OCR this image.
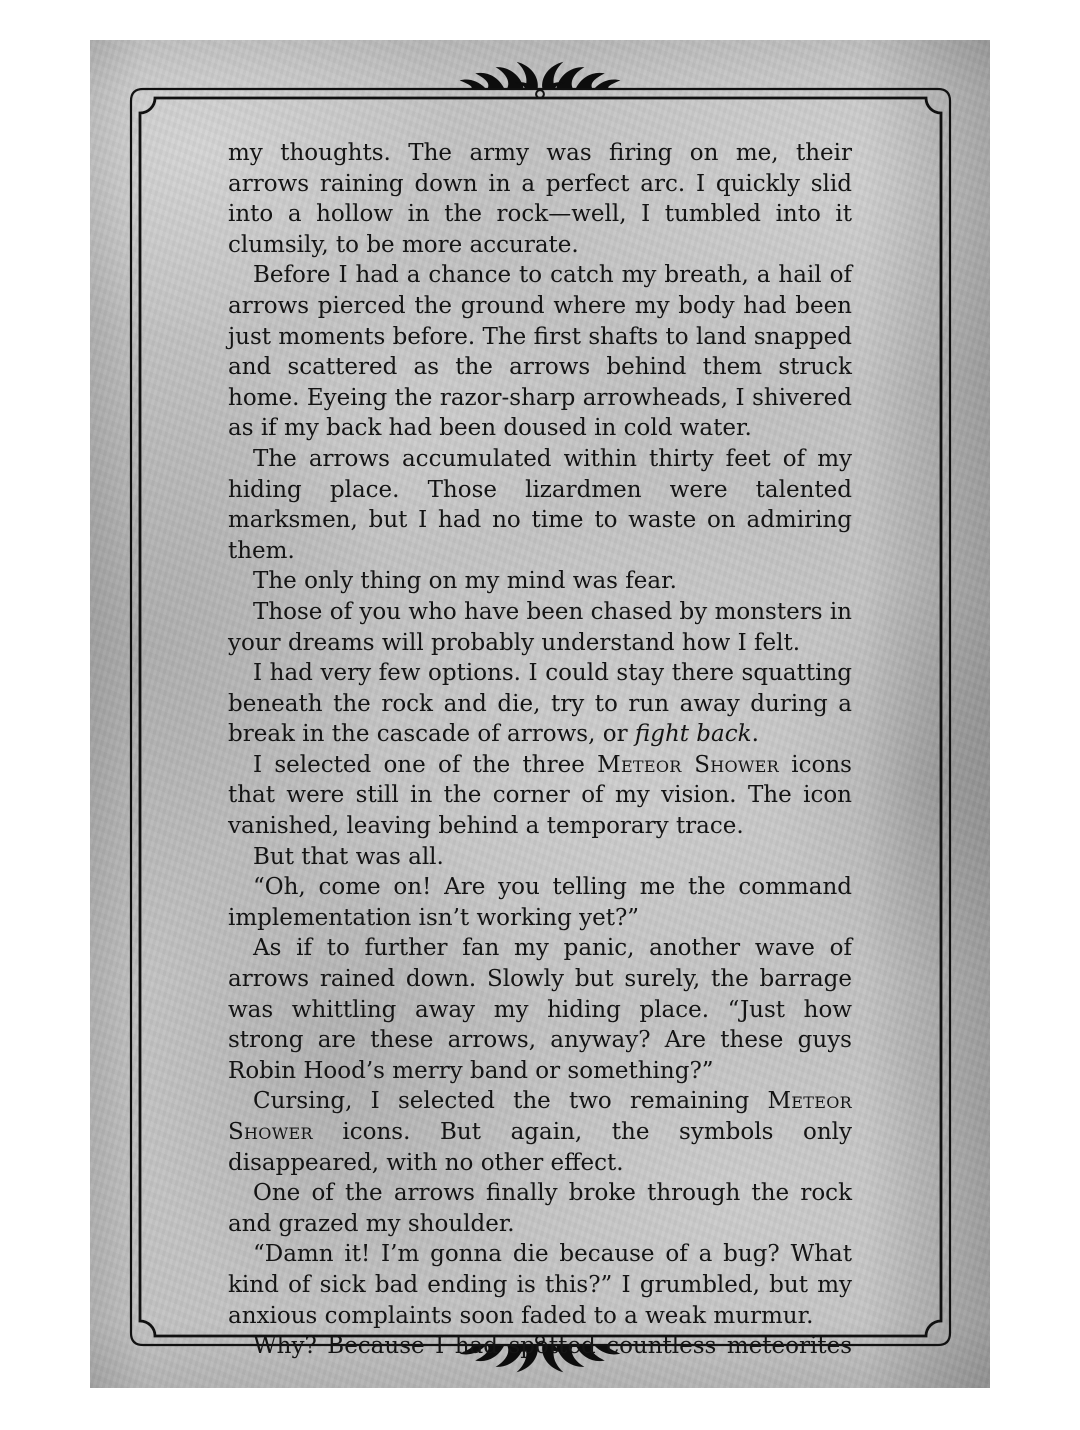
my thoughts. The army was firing on me, their arrows raining down in a perfect arc. I quickly slid into a hollow in the rock—well, I tumbled into it clumsily, to be more accurate.

Before I had a chance to catch my breath, a hail of arrows pierced the ground where my body had been just moments before. The first shafts to land snapped and scattered as the arrows behind them struck home. Eyeing the razor-sharp arrowheads, I shivered as if my back had been doused in cold water.

The arrows accumulated within thirty feet of my hiding place. Those lizardmen were talented marksmen, but I had no time to waste on admiring them.

The only thing on my mind was fear.

Those of you who have been chased by monsters in your dreams will probably understand how I felt.

I had very few options. I could stay there squatting beneath the rock and die, try to run away during a break in the cascade of arrows, or fight back.

I selected one of the three Meteor Shower icons that were still in the corner of my vision. The icon vanished, leaving behind a temporary trace.

But that was all.

“Oh, come on! Are you telling me the command implementation isn’t working yet?”

As if to further fan my panic, another wave of arrows rained down. Slowly but surely, the barrage was whittling away my hiding place. “Just how strong are these arrows, anyway? Are these guys Robin Hood’s merry band or something?”

Cursing, I selected the two remaining Meteor Shower icons. But again, the symbols only disappeared, with no other effect.

One of the arrows finally broke through the rock and grazed my shoulder.

“Damn it! I’m gonna die because of a bug? What kind of sick bad ending is this?” I grumbled, but my anxious complaints soon faded to a weak murmur.

Why? Because I had spotted countless meteorites
